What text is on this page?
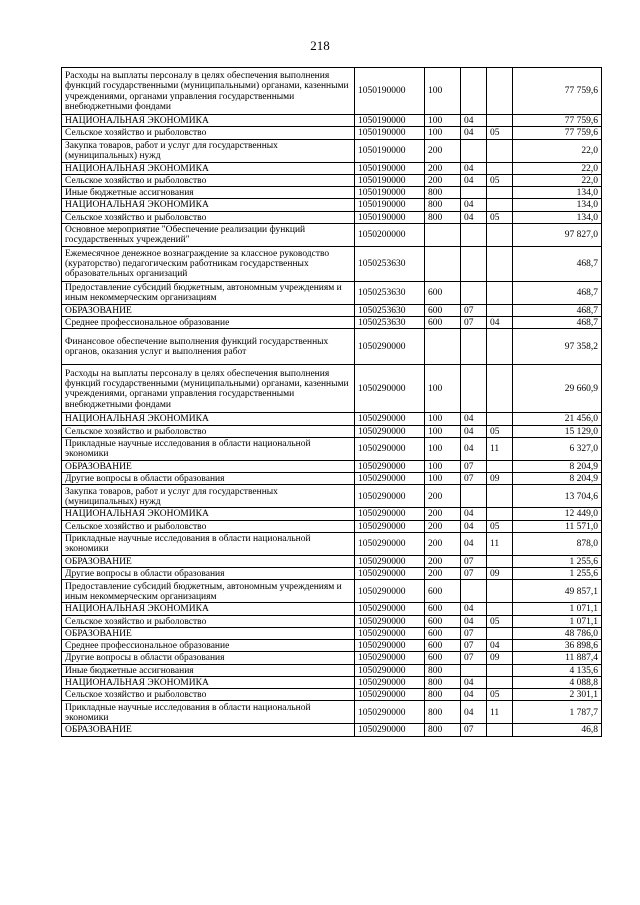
218
Расходы на выплаты персоналу в целях обеспечения выполнения функций государственными (муниципальными) органами, казенными учреждениями, органами управления государственными внебюджетными фондами	1050190000	100			77 759,6
НАЦИОНАЛЬНАЯ ЭКОНОМИКА	1050190000	100	04		77 759,6
Сельское хозяйство и рыболовство	1050190000	100	04	05	77 759,6
Закупка товаров, работ и услуг для государственных (муниципальных) нужд	1050190000	200			22,0
НАЦИОНАЛЬНАЯ ЭКОНОМИКА	1050190000	200	04		22,0
Сельское хозяйство и рыболовство	1050190000	200	04	05	22,0
Иные бюджетные ассигнования	1050190000	800			134,0
НАЦИОНАЛЬНАЯ ЭКОНОМИКА	1050190000	800	04		134,0
Сельское хозяйство и рыболовство	1050190000	800	04	05	134,0
Основное мероприятие "Обеспечение реализации функций государственных учреждений"	1050200000				97 827,0
Ежемесячное денежное вознаграждение за классное руководство (кураторство) педагогическим работникам государственных образовательных организаций	1050253630				468,7
Предоставление субсидий бюджетным, автономным учреждениям и иным некоммерческим организациям	1050253630	600			468,7
ОБРАЗОВАНИЕ	1050253630	600	07		468,7
Среднее профессиональное образование	1050253630	600	07	04	468,7
Финансовое обеспечение выполнения функций государственных органов, оказания услуг и выполнения работ	1050290000				97 358,2
Расходы на выплаты персоналу в целях обеспечения выполнения функций государственными (муниципальными) органами, казенными учреждениями, органами управления государственными внебюджетными фондами	1050290000	100			29 660,9
НАЦИОНАЛЬНАЯ ЭКОНОМИКА	1050290000	100	04		21 456,0
Сельское хозяйство и рыболовство	1050290000	100	04	05	15 129,0
Прикладные научные исследования в области национальной экономики	1050290000	100	04	11	6 327,0
ОБРАЗОВАНИЕ	1050290000	100	07		8 204,9
Другие вопросы в области образования	1050290000	100	07	09	8 204,9
Закупка товаров, работ и услуг для государственных (муниципальных) нужд	1050290000	200			13 704,6
НАЦИОНАЛЬНАЯ ЭКОНОМИКА	1050290000	200	04		12 449,0
Сельское хозяйство и рыболовство	1050290000	200	04	05	11 571,0
Прикладные научные исследования в области национальной экономики	1050290000	200	04	11	878,0
ОБРАЗОВАНИЕ	1050290000	200	07		1 255,6
Другие вопросы в области образования	1050290000	200	07	09	1 255,6
Предоставление субсидий бюджетным, автономным учреждениям и иным некоммерческим организациям	1050290000	600			49 857,1
НАЦИОНАЛЬНАЯ ЭКОНОМИКА	1050290000	600	04		1 071,1
Сельское хозяйство и рыболовство	1050290000	600	04	05	1 071,1
ОБРАЗОВАНИЕ	1050290000	600	07		48 786,0
Среднее профессиональное образование	1050290000	600	07	04	36 898,6
Другие вопросы в области образования	1050290000	600	07	09	11 887,4
Иные бюджетные ассигнования	1050290000	800			4 135,6
НАЦИОНАЛЬНАЯ ЭКОНОМИКА	1050290000	800	04		4 088,8
Сельское хозяйство и рыболовство	1050290000	800	04	05	2 301,1
Прикладные научные исследования в области национальной экономики	1050290000	800	04	11	1 787,7
ОБРАЗОВАНИЕ	1050290000	800	07		46,8
